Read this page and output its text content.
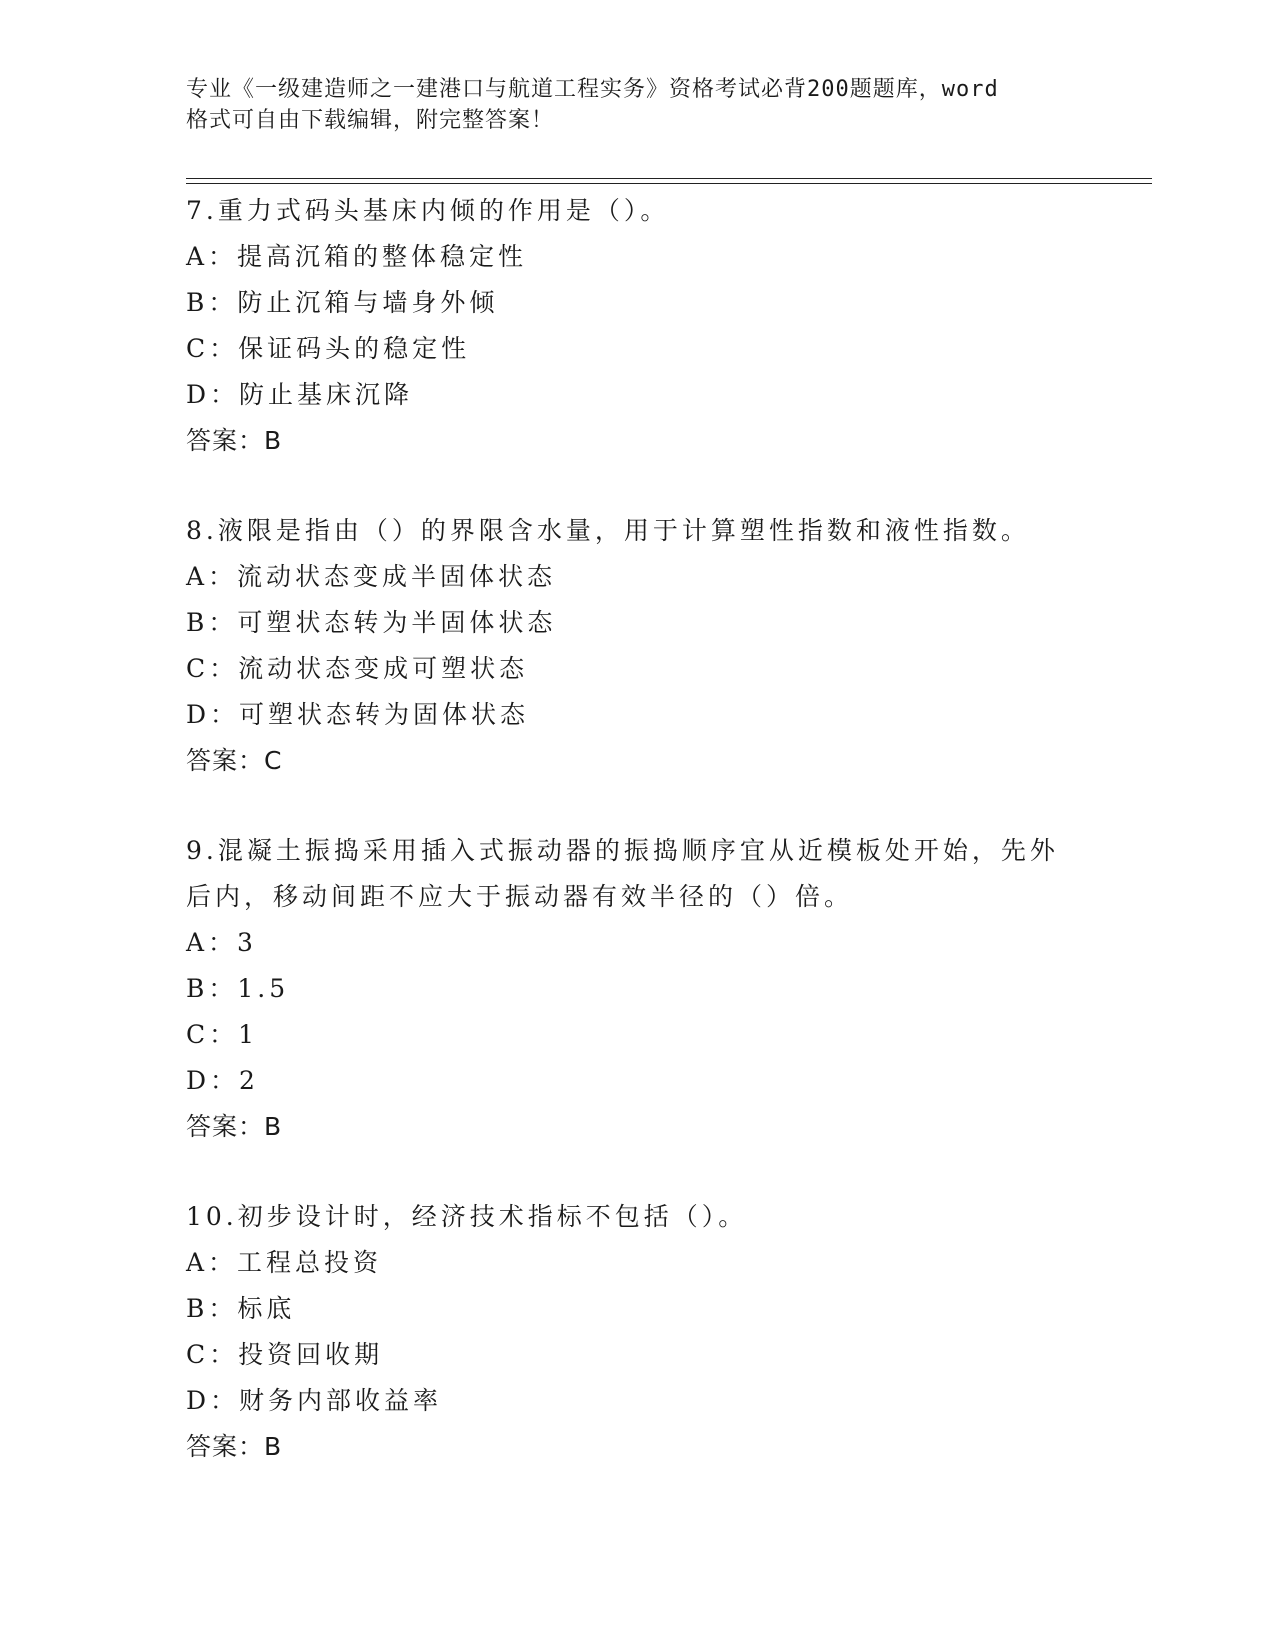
专业《一级建造师之一建港口与航道工程实务》资格考试必背200题题库，word
格式可自由下载编辑，附完整答案！
7.重力式码头基床内倾的作用是（）。
A：提高沉箱的整体稳定性
B：防止沉箱与墙身外倾
C：保证码头的稳定性
D：防止基床沉降
答案：B
8.液限是指由（）的界限含水量，用于计算塑性指数和液性指数。
A：流动状态变成半固体状态
B：可塑状态转为半固体状态
C：流动状态变成可塑状态
D：可塑状态转为固体状态
答案：C
9.混凝土振捣采用插入式振动器的振捣顺序宜从近模板处开始，先外
后内，移动间距不应大于振动器有效半径的（）倍。
A：3
B：1.5
C：1
D：2
答案：B
10.初步设计时，经济技术指标不包括（）。
A：工程总投资
B：标底
C：投资回收期
D：财务内部收益率
答案：B
